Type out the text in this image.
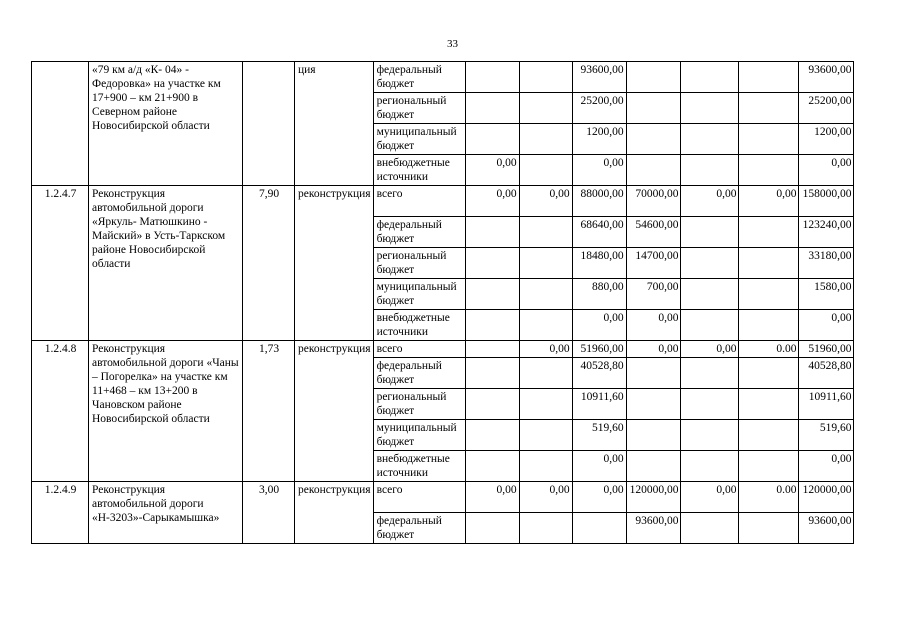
33
	«79 км а/д «К- 04» - Федоровка» на участке км 17+900 – км 21+900 в Северном районе Новосибирской области		ция	федеральный бюджет			93600,00				93600,00
				региональный бюджет			25200,00				25200,00
				муниципальный бюджет			1200,00				1200,00
				внебюджетные источники	0,00		0,00				0,00
1.2.4.7	Реконструкция автомобильной дороги «Яркуль- Матюшкино - Майский» в Усть-Таркском районе Новосибирской области	7,90	реконструкция	всего	0,00	0,00	88000,00	70000,00	0,00	0,00	158000,00
				федеральный бюджет			68640,00	54600,00			123240,00
				региональный бюджет			18480,00	14700,00			33180,00
				муниципальный бюджет			880,00	700,00			1580,00
				внебюджетные источники			0,00	0,00			0,00
1.2.4.8	Реконструкция автомобильной дороги «Чаны – Погорелка» на участке км 11+468 – км 13+200 в Чановском районе Новосибирской области	1,73	реконструкция	всего		0,00	51960,00	0,00	0,00	0.00	51960,00
				федеральный бюджет			40528,80				40528,80
				региональный бюджет			10911,60				10911,60
				муниципальный бюджет			519,60				519,60
				внебюджетные источники			0,00				0,00
1.2.4.9	Реконструкция автомобильной дороги «Н-3203»-Сарыкамышка»	3,00	реконструкция	всего	0,00	0,00	0,00	120000,00	0,00	0.00	120000,00
				федеральный бюджет				93600,00			93600,00
